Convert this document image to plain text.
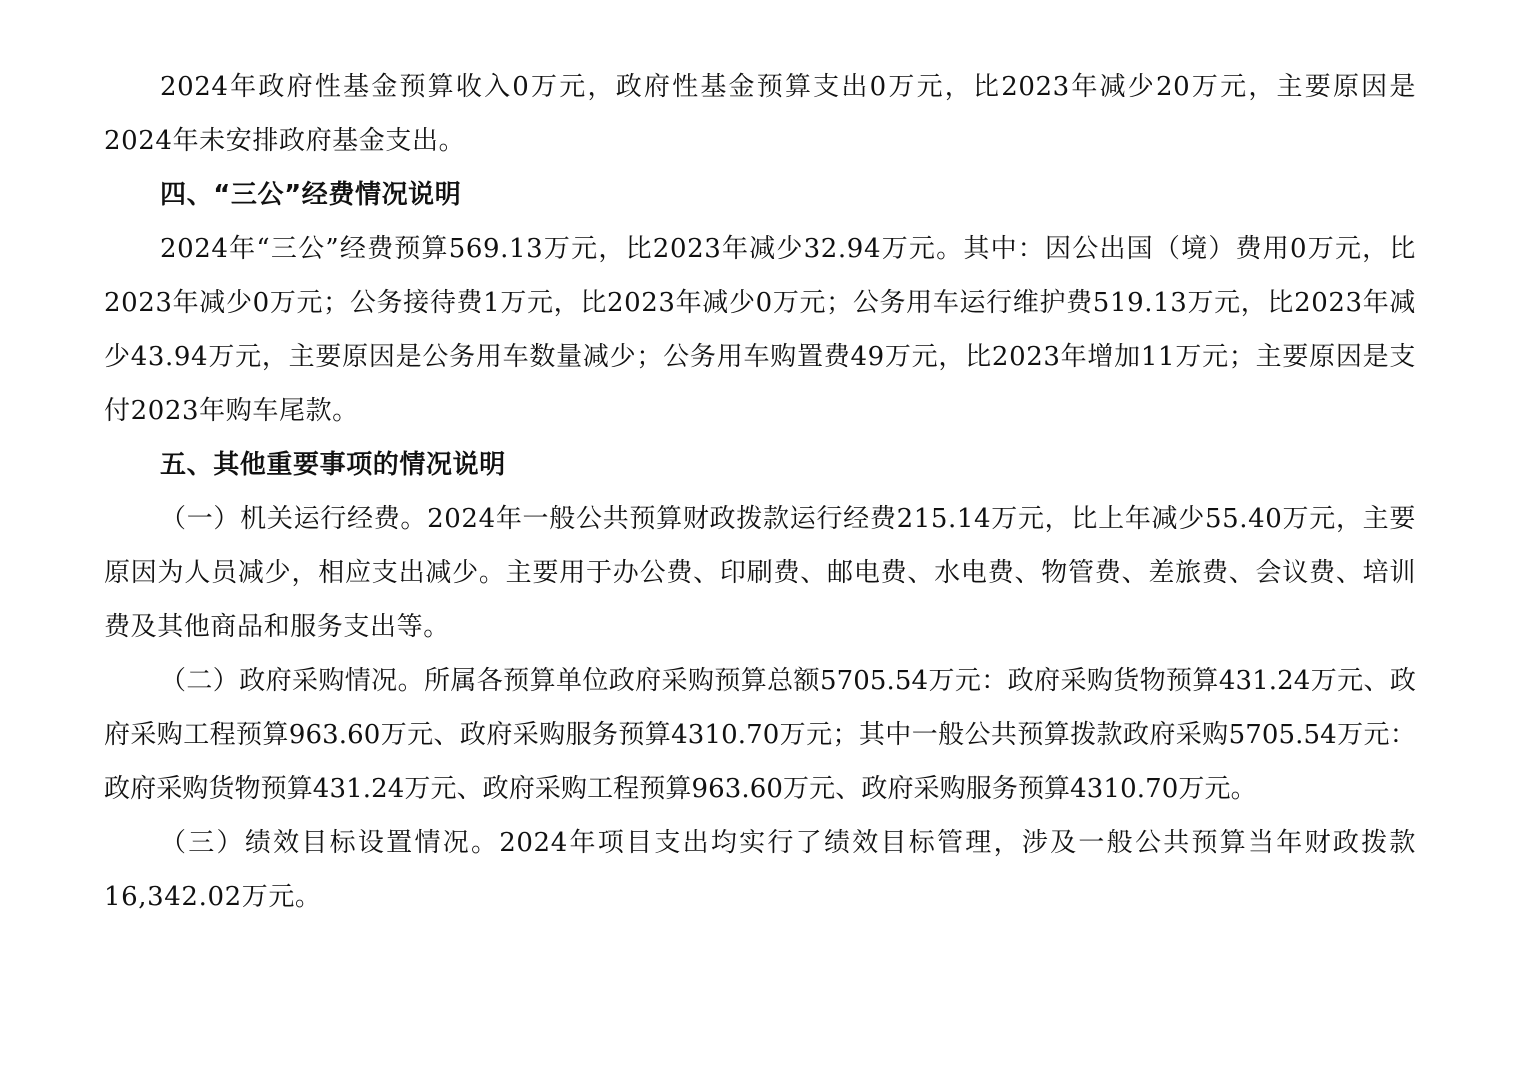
2024年政府性基金预算收入0万元，政府性基金预算支出0万元，比2023年减少20万元，主要原因是2024年未安排政府基金支出。

四、“三公”经费情况说明

2024年“三公”经费预算569.13万元，比2023年减少32.94万元。其中：因公出国（境）费用0万元，比2023年减少0万元；公务接待费1万元，比2023年减少0万元；公务用车运行维护费519.13万元，比2023年减少43.94万元，主要原因是公务用车数量减少；公务用车购置费49万元，比2023年增加11万元；主要原因是支付2023年购车尾款。

五、其他重要事项的情况说明

（一）机关运行经费。2024年一般公共预算财政拨款运行经费215.14万元，比上年减少55.40万元，主要原因为人员减少，相应支出减少。主要用于办公费、印刷费、邮电费、水电费、物管费、差旅费、会议费、培训费及其他商品和服务支出等。

（二）政府采购情况。所属各预算单位政府采购预算总额5705.54万元：政府采购货物预算431.24万元、政府采购工程预算963.60万元、政府采购服务预算4310.70万元；其中一般公共预算拨款政府采购5705.54万元：政府采购货物预算431.24万元、政府采购工程预算963.60万元、政府采购服务预算4310.70万元。

（三）绩效目标设置情况。2024年项目支出均实行了绩效目标管理，涉及一般公共预算当年财政拨款16,342.02万元。
